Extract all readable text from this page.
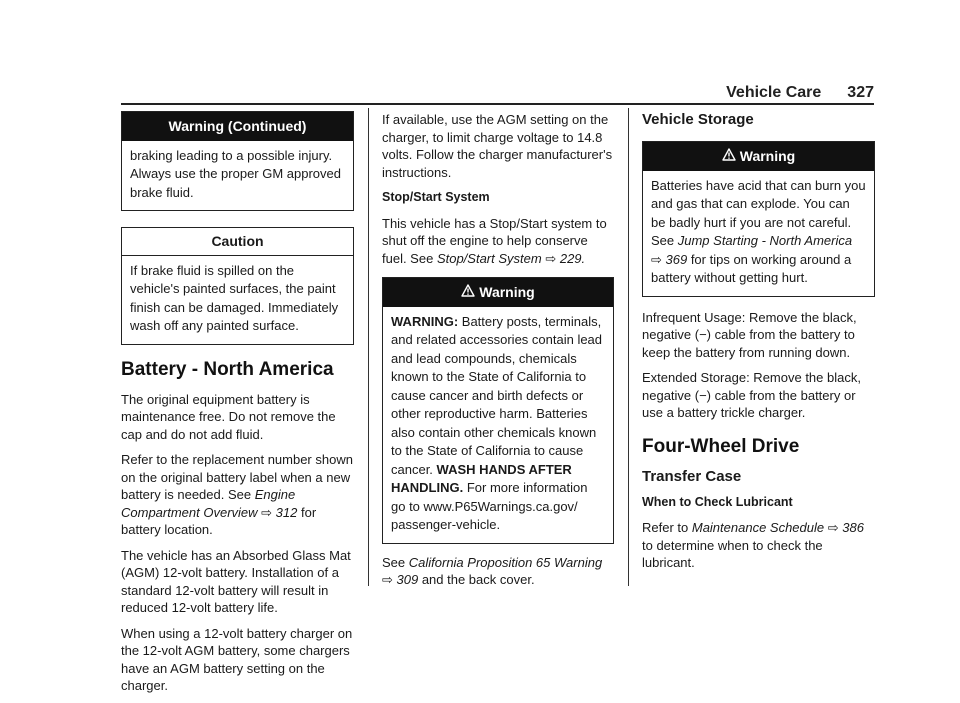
Vehicle Care 327
Warning (Continued)
braking leading to a possible injury. Always use the proper GM approved brake fluid.
Caution
If brake fluid is spilled on the vehicle's painted surfaces, the paint finish can be damaged. Immediately wash off any painted surface.
Battery - North America

The original equipment battery is maintenance free. Do not remove the cap and do not add fluid.

Refer to the replacement number shown on the original battery label when a new battery is needed. See Engine Compartment Overview ⇨ 312 for battery location.

The vehicle has an Absorbed Glass Mat (AGM) 12-volt battery. Installation of a standard 12-volt battery will result in reduced 12-volt battery life.

When using a 12-volt battery charger on the 12-volt AGM battery, some chargers have an AGM battery setting on the charger.

If available, use the AGM setting on the charger, to limit charge voltage to 14.8 volts. Follow the charger manufacturer's instructions.

Stop/Start System

This vehicle has a Stop/Start system to shut off the engine to help conserve fuel. See Stop/Start System ⇨ 229.

Warning
WARNING: Battery posts, terminals, and related accessories contain lead and lead compounds, chemicals known to the State of California to cause cancer and birth defects or other reproductive harm. Batteries also contain other chemicals known to the State of California to cause cancer. WASH HANDS AFTER HANDLING. For more information go to www.P65Warnings.ca.gov/ passenger-vehicle.

See California Proposition 65 Warning ⇨ 309 and the back cover.

Vehicle Storage
Warning
Batteries have acid that can burn you and gas that can explode. You can be badly hurt if you are not careful. See Jump Starting - North America ⇨ 369 for tips on working around a battery without getting hurt.

Infrequent Usage: Remove the black, negative (−) cable from the battery to keep the battery from running down.

Extended Storage: Remove the black, negative (−) cable from the battery or use a battery trickle charger.

Four-Wheel Drive
Transfer Case

When to Check Lubricant

Refer to Maintenance Schedule ⇨ 386 to determine when to check the lubricant.
